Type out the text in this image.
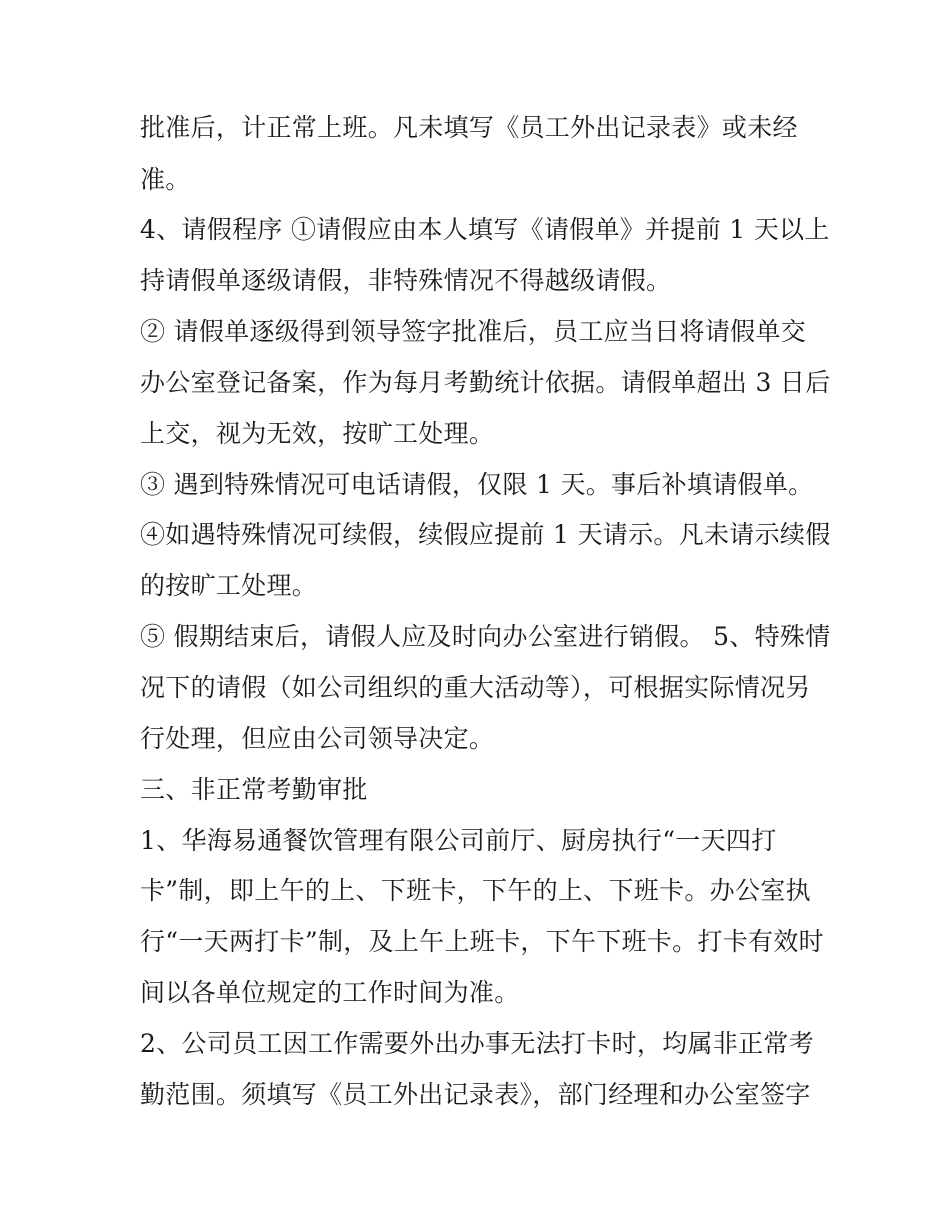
批准后，计正常上班。凡未填写《员工外出记录表》或未经
准。
4、请假程序 ①请假应由本人填写《请假单》并提前 1 天以上
持请假单逐级请假，非特殊情况不得越级请假。
② 请假单逐级得到领导签字批准后，员工应当日将请假单交
办公室登记备案，作为每月考勤统计依据。请假单超出 3 日后
上交，视为无效，按旷工处理。
③ 遇到特殊情况可电话请假，仅限 1 天。事后补填请假单。
④如遇特殊情况可续假，续假应提前 1 天请示。凡未请示续假
的按旷工处理。
⑤ 假期结束后，请假人应及时向办公室进行销假。 5、特殊情
况下的请假（如公司组织的重大活动等），可根据实际情况另
行处理，但应由公司领导决定。
三、非正常考勤审批
1、华海易通餐饮管理有限公司前厅、厨房执行“一天四打
卡”制，即上午的上、下班卡，下午的上、下班卡。办公室执
行“一天两打卡”制，及上午上班卡，下午下班卡。打卡有效时
间以各单位规定的工作时间为准。
2、公司员工因工作需要外出办事无法打卡时，均属非正常考
勤范围。须填写《员工外出记录表》，部门经理和办公室签字
